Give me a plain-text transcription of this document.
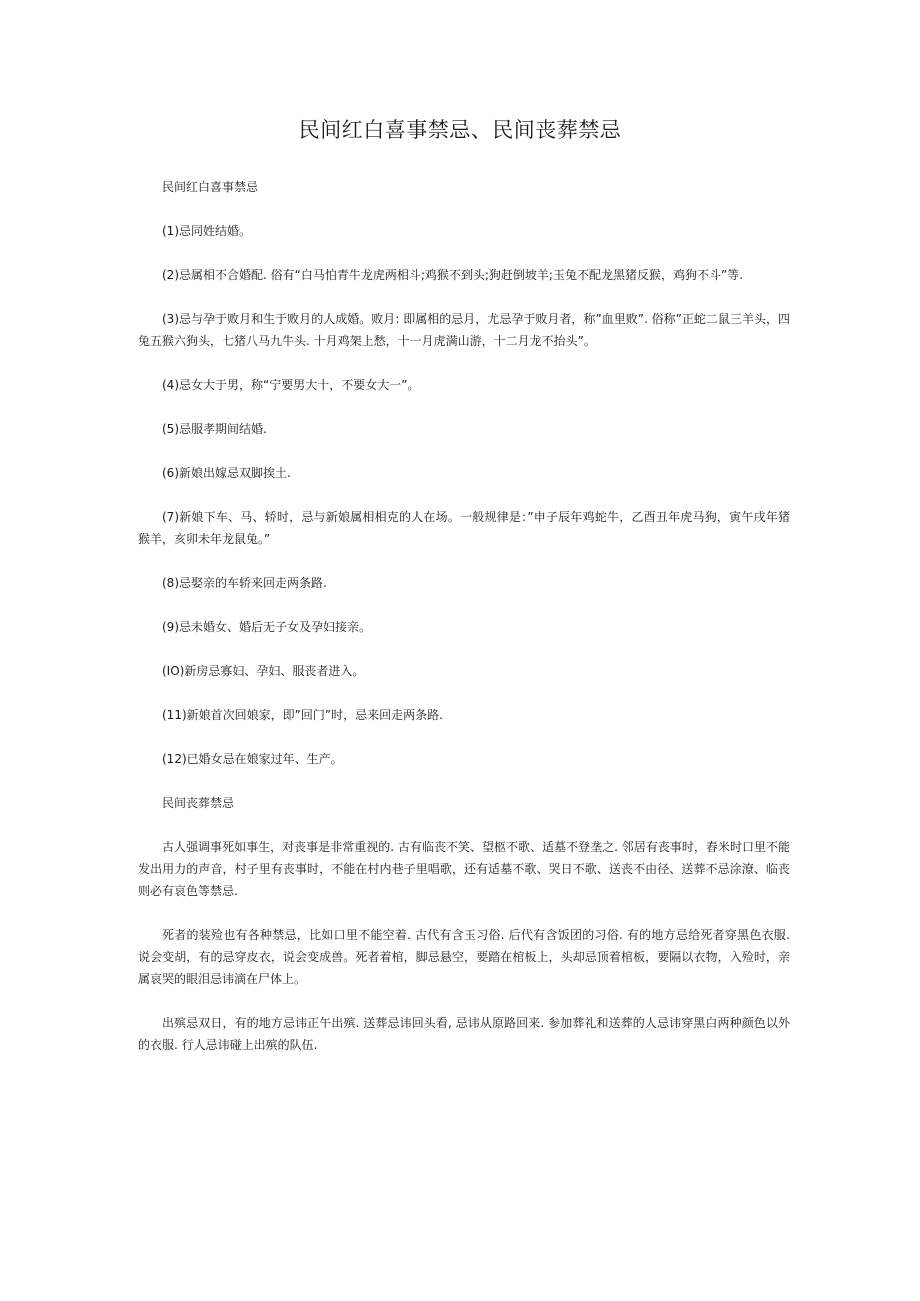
民间红白喜事禁忌、民间丧葬禁忌

民间红白喜事禁忌

(1)忌同姓结婚。

(2)忌属相不合婚配. 俗有“白马怕青牛龙虎两相斗;鸡猴不到头;狗赶倒坡羊;玉兔不配龙黑猪反猴，鸡狗不斗”等.

(3)忌与孕于败月和生于败月的人成婚。败月: 即属相的忌月，尤忌孕于败月者，称”血里败”. 俗称”正蛇二鼠三羊头，四兔五猴六狗头，七猪八马九牛头. 十月鸡架上愁，十一月虎满山游，十二月龙不抬头”。

(4)忌女大于男，称“宁要男大十，不要女大一”。

(5)忌服孝期间结婚.

(6)新娘出嫁忌双脚挨土.

(7)新娘下车、马、轿时，忌与新娘属相相克的人在场。一般规律是：”申子辰年鸡蛇牛，乙酉丑年虎马狗，寅午戌年猪猴羊，亥卯未年龙鼠兔。”

(8)忌娶亲的车轿来回走两条路.

(9)忌未婚女、婚后无子女及孕妇接亲。

(IO)新房忌寡妇、孕妇、服丧者进入。

(11)新娘首次回娘家，即”回门”时，忌来回走两条路.

(12)已婚女忌在娘家过年、生产。

民间丧葬禁忌

古人强调事死如事生，对丧事是非常重视的. 古有临丧不笑、望柩不歌、适墓不登垄之. 邻居有丧事时，舂米时口里不能发出用力的声音，村子里有丧事时，不能在村内巷子里唱歌，还有适墓不歌、哭日不歌、送丧不由径、送葬不忌涂潦、临丧则必有哀色等禁忌.

死者的装殓也有各种禁忌，比如口里不能空着. 古代有含玉习俗. 后代有含饭团的习俗. 有的地方忌给死者穿黑色衣服. 说会变胡，有的忌穿皮衣，说会变成兽。死者着棺，脚忌悬空，要踏在棺板上，头却忌顶着棺板，要隔以衣物，入殓时，亲属哀哭的眼泪忌讳滴在尸体上。

出殡忌双日，有的地方忌讳正午出殡. 送葬忌讳回头看, 忌讳从原路回来. 参加葬礼和送葬的人忌讳穿黑白两种颜色以外的衣服. 行人忌讳碰上出殡的队伍.
